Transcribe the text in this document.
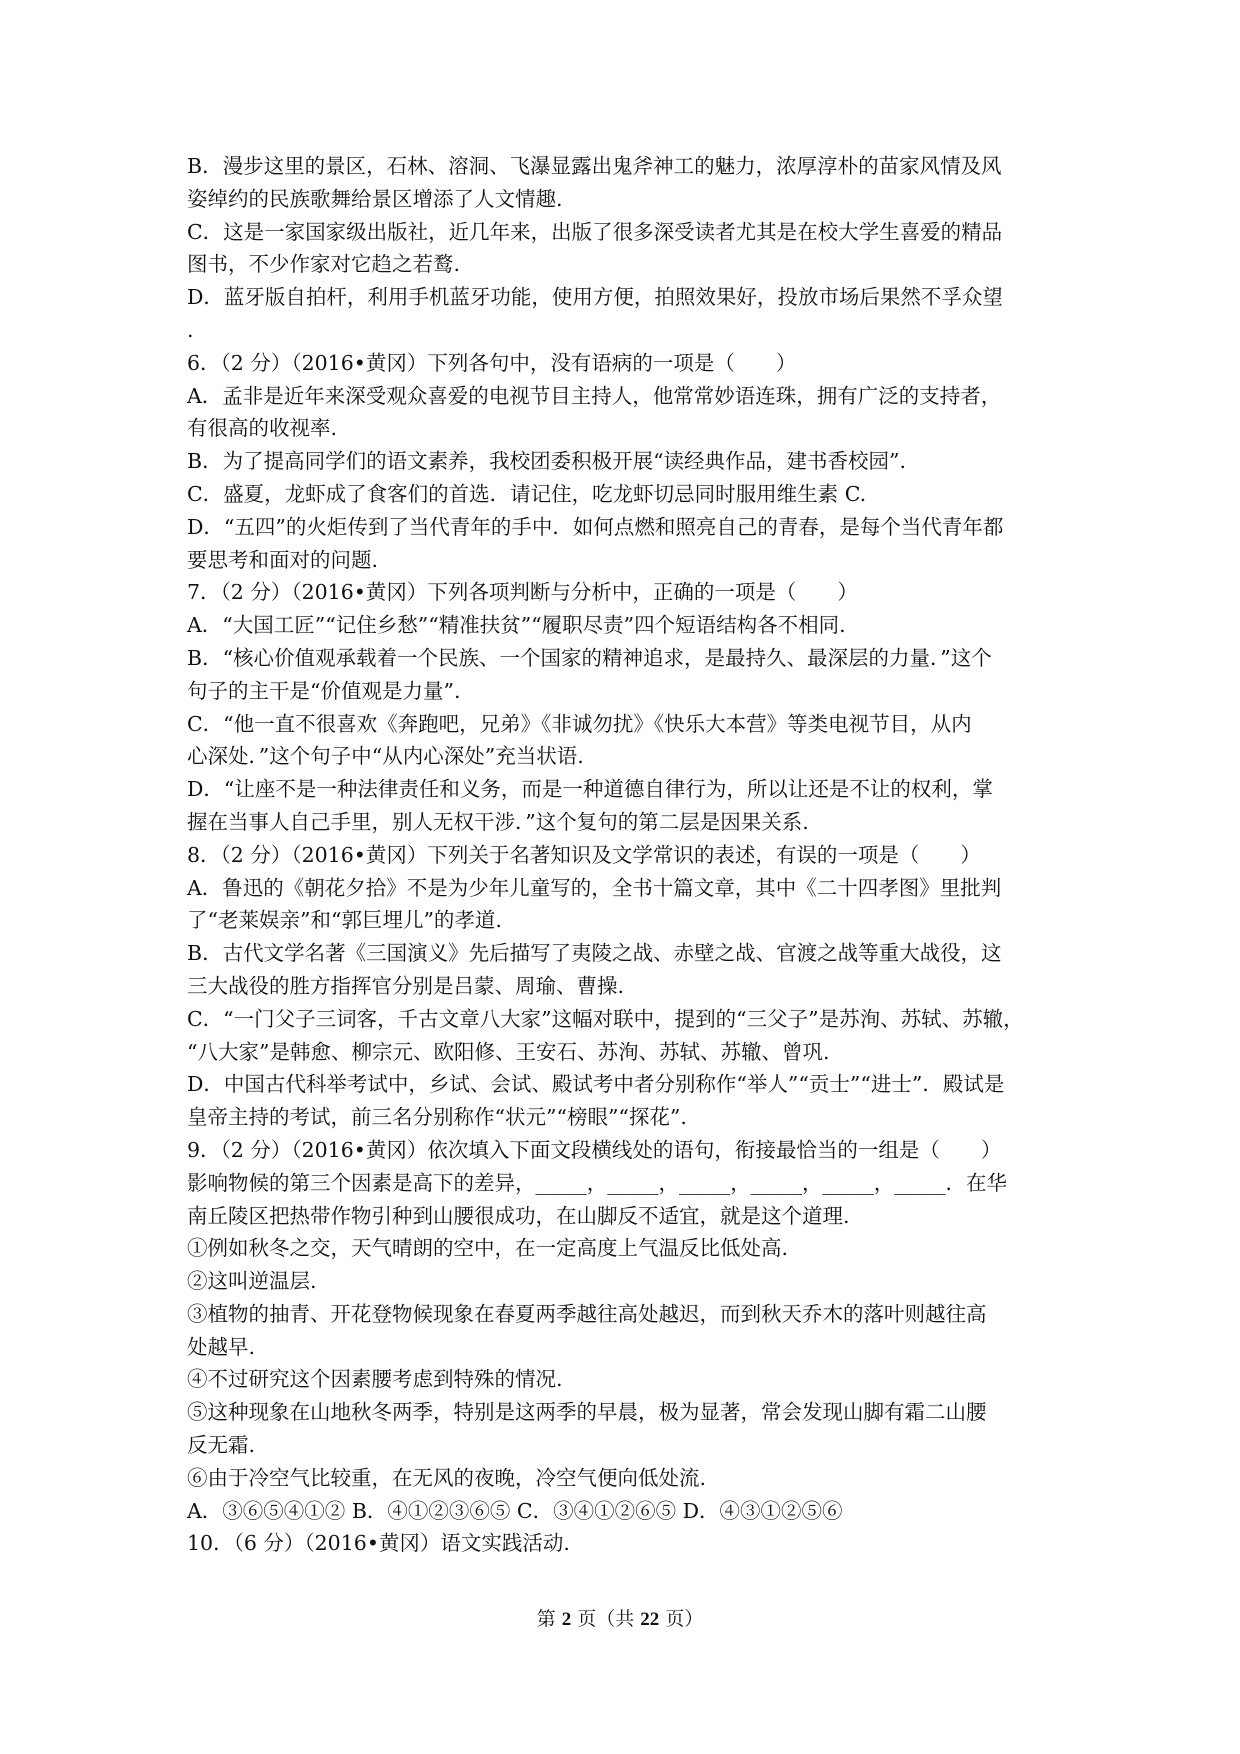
B．漫步这里的景区，石林、溶洞、飞瀑显露出鬼斧神工的魅力，浓厚淳朴的苗家风情及风
姿绰约的民族歌舞给景区增添了人文情趣.
C．这是一家国家级出版社，近几年来，出版了很多深受读者尤其是在校大学生喜爱的精品
图书，不少作家对它趋之若鹜.
D．蓝牙版自拍杆，利用手机蓝牙功能，使用方便，拍照效果好，投放市场后果然不孚众望
.
6．（2 分）（2016•黄冈）下列各句中，没有语病的一项是（　　）
A．孟非是近年来深受观众喜爱的电视节目主持人，他常常妙语连珠，拥有广泛的支持者，
有很高的收视率.
B．为了提高同学们的语文素养，我校团委积极开展“读经典作品，建书香校园”.
C．盛夏，龙虾成了食客们的首选．请记住，吃龙虾切忌同时服用维生素 C.
D．“五四”的火炬传到了当代青年的手中．如何点燃和照亮自己的青春，是每个当代青年都
要思考和面对的问题.
7．（2 分）（2016•黄冈）下列各项判断与分析中，正确的一项是（　　）
A．“大国工匠”“记住乡愁”“精准扶贫”“履职尽责”四个短语结构各不相同.
B．“核心价值观承载着一个民族、一个国家的精神追求，是最持久、最深层的力量．”这个
句子的主干是“价值观是力量”.
C．“他一直不很喜欢《奔跑吧，兄弟》《非诚勿扰》《快乐大本营》等类电视节目，从内
心深处．”这个句子中“从内心深处”充当状语.
D．“让座不是一种法律责任和义务，而是一种道德自律行为，所以让还是不让的权利，掌
握在当事人自己手里，别人无权干涉．”这个复句的第二层是因果关系.
8．（2 分）（2016•黄冈）下列关于名著知识及文学常识的表述，有误的一项是（　　）
A．鲁迅的《朝花夕拾》不是为少年儿童写的，全书十篇文章，其中《二十四孝图》里批判
了“老莱娱亲”和“郭巨埋儿”的孝道.
B．古代文学名著《三国演义》先后描写了夷陵之战、赤壁之战、官渡之战等重大战役，这
三大战役的胜方指挥官分别是吕蒙、周瑜、曹操.
C．“一门父子三词客，千古文章八大家”这幅对联中，提到的“三父子”是苏洵、苏轼、苏辙，
“八大家”是韩愈、柳宗元、欧阳修、王安石、苏洵、苏轼、苏辙、曾巩.
D．中国古代科举考试中，乡试、会试、殿试考中者分别称作“举人”“贡士”“进士”．殿试是
皇帝主持的考试，前三名分别称作“状元”“榜眼”“探花”.
9．（2 分）（2016•黄冈）依次填入下面文段横线处的语句，衔接最恰当的一组是（　　）
影响物候的第三个因素是高下的差异，_____，_____，_____，_____，_____，_____．在华
南丘陵区把热带作物引种到山腰很成功，在山脚反不适宜，就是这个道理.
①例如秋冬之交，天气晴朗的空中，在一定高度上气温反比低处高.
②这叫逆温层.
③植物的抽青、开花登物候现象在春夏两季越往高处越迟，而到秋天乔木的落叶则越往高
处越早.
④不过研究这个因素腰考虑到特殊的情况.
⑤这种现象在山地秋冬两季，特别是这两季的早晨，极为显著，常会发现山脚有霜二山腰
反无霜.
⑥由于冷空气比较重，在无风的夜晚，冷空气便向低处流.
A．③⑥⑤④①② B．④①②③⑥⑤ C．③④①②⑥⑤ D．④③①②⑤⑥
10．（6 分）（2016•黄冈）语文实践活动.
第 2 页（共 22 页）
